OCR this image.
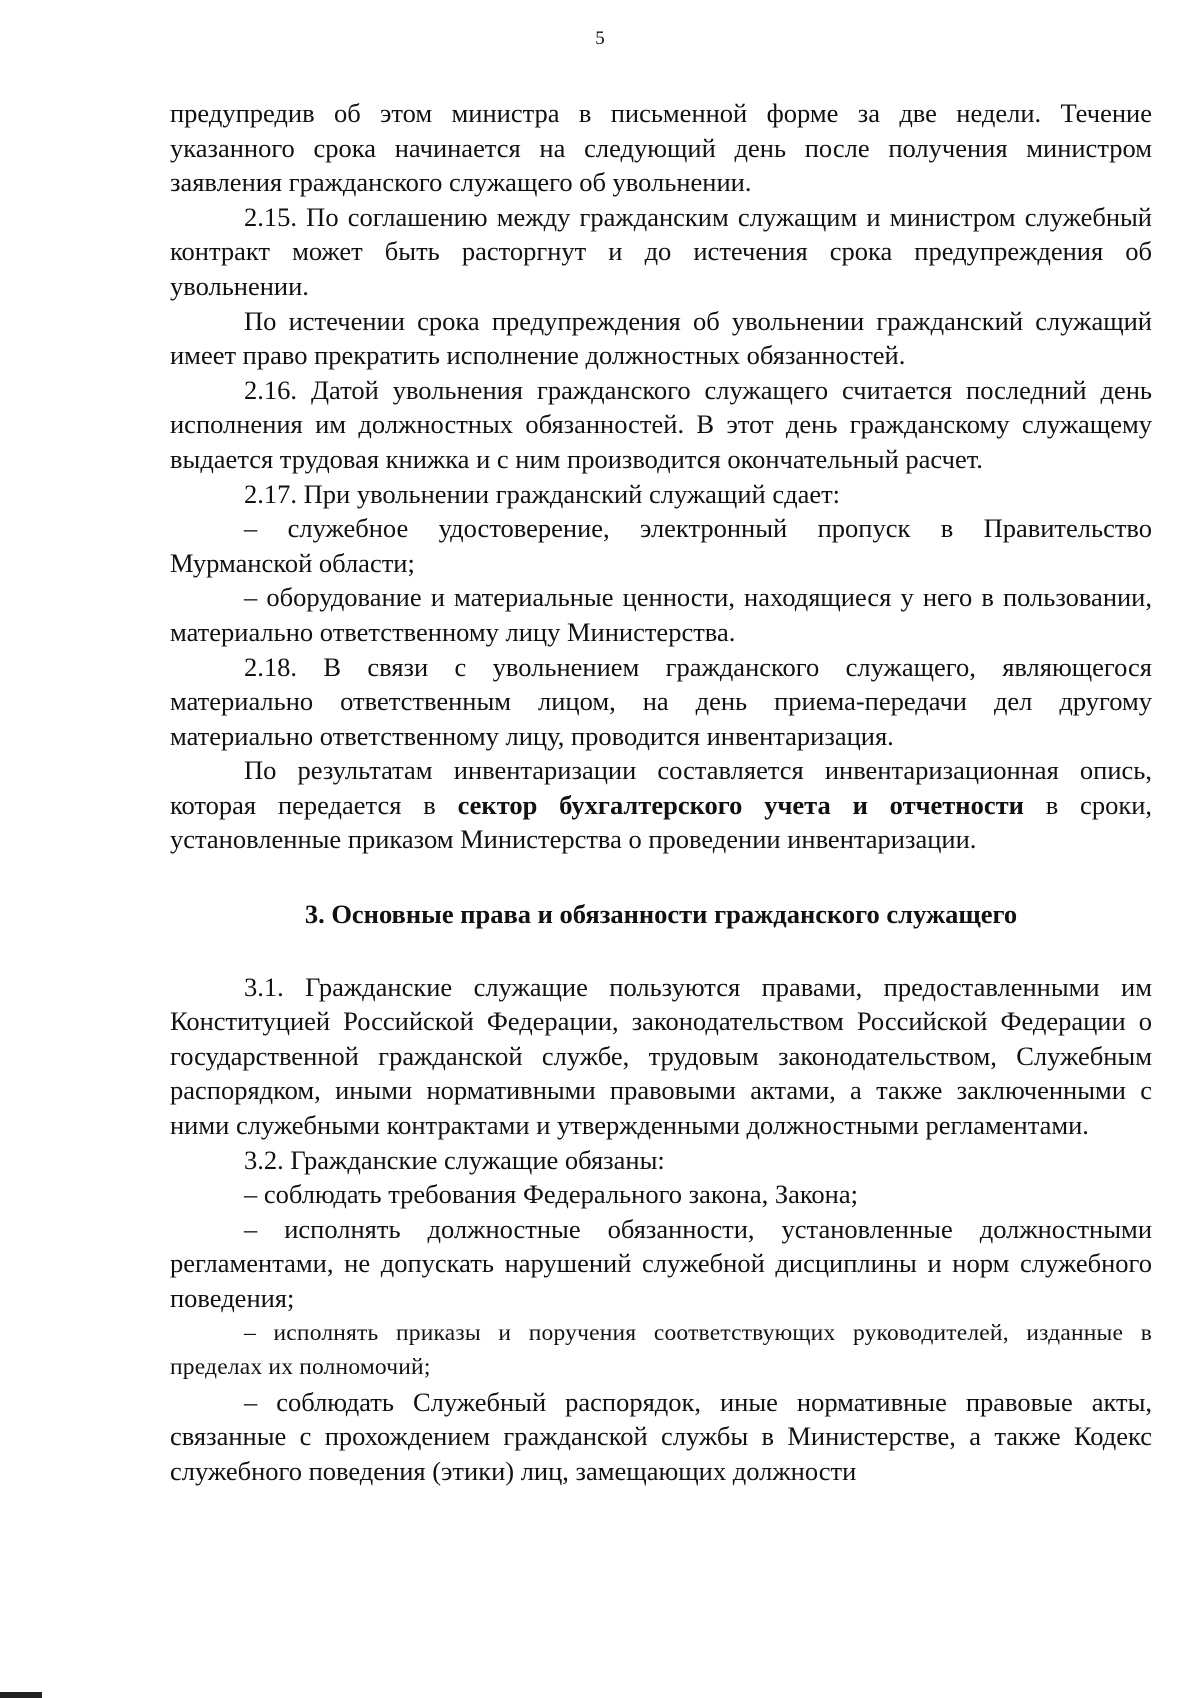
5

предупредив об этом министра в письменной форме за две недели. Течение указанного срока начинается на следующий день после получения министром заявления гражданского служащего об увольнении.

2.15. По соглашению между гражданским служащим и министром служебный контракт может быть расторгнут и до истечения срока предупреждения об увольнении.

По истечении срока предупреждения об увольнении гражданский служащий имеет право прекратить исполнение должностных обязанностей.

2.16. Датой увольнения гражданского служащего считается последний день исполнения им должностных обязанностей. В этот день гражданскому служащему выдается трудовая книжка и с ним производится окончательный расчет.

2.17. При увольнении гражданский служащий сдает:

– служебное удостоверение, электронный пропуск в Правительство Мурманской области;

– оборудование и материальные ценности, находящиеся у него в пользовании, материально ответственному лицу Министерства.

2.18. В связи с увольнением гражданского служащего, являющегося материально ответственным лицом, на день приема-передачи дел другому материально ответственному лицу, проводится инвентаризация.

По результатам инвентаризации составляется инвентаризационная опись, которая передается в сектор бухгалтерского учета и отчетности в сроки, установленные приказом Министерства о проведении инвентаризации.

3. Основные права и обязанности гражданского служащего

3.1. Гражданские служащие пользуются правами, предоставленными им Конституцией Российской Федерации, законодательством Российской Федерации о государственной гражданской службе, трудовым законодательством, Служебным распорядком, иными нормативными правовыми актами, а также заключенными с ними служебными контрактами и утвержденными должностными регламентами.

3.2. Гражданские служащие обязаны:

– соблюдать требования Федерального закона, Закона;

– исполнять должностные обязанности, установленные должностными регламентами, не допускать нарушений служебной дисциплины и норм служебного поведения;

– исполнять приказы и поручения соответствующих руководителей, изданные в пределах их полномочий;

– соблюдать Служебный распорядок, иные нормативные правовые акты, связанные с прохождением гражданской службы в Министерстве, а также Кодекс служебного поведения (этики) лиц, замещающих должности
